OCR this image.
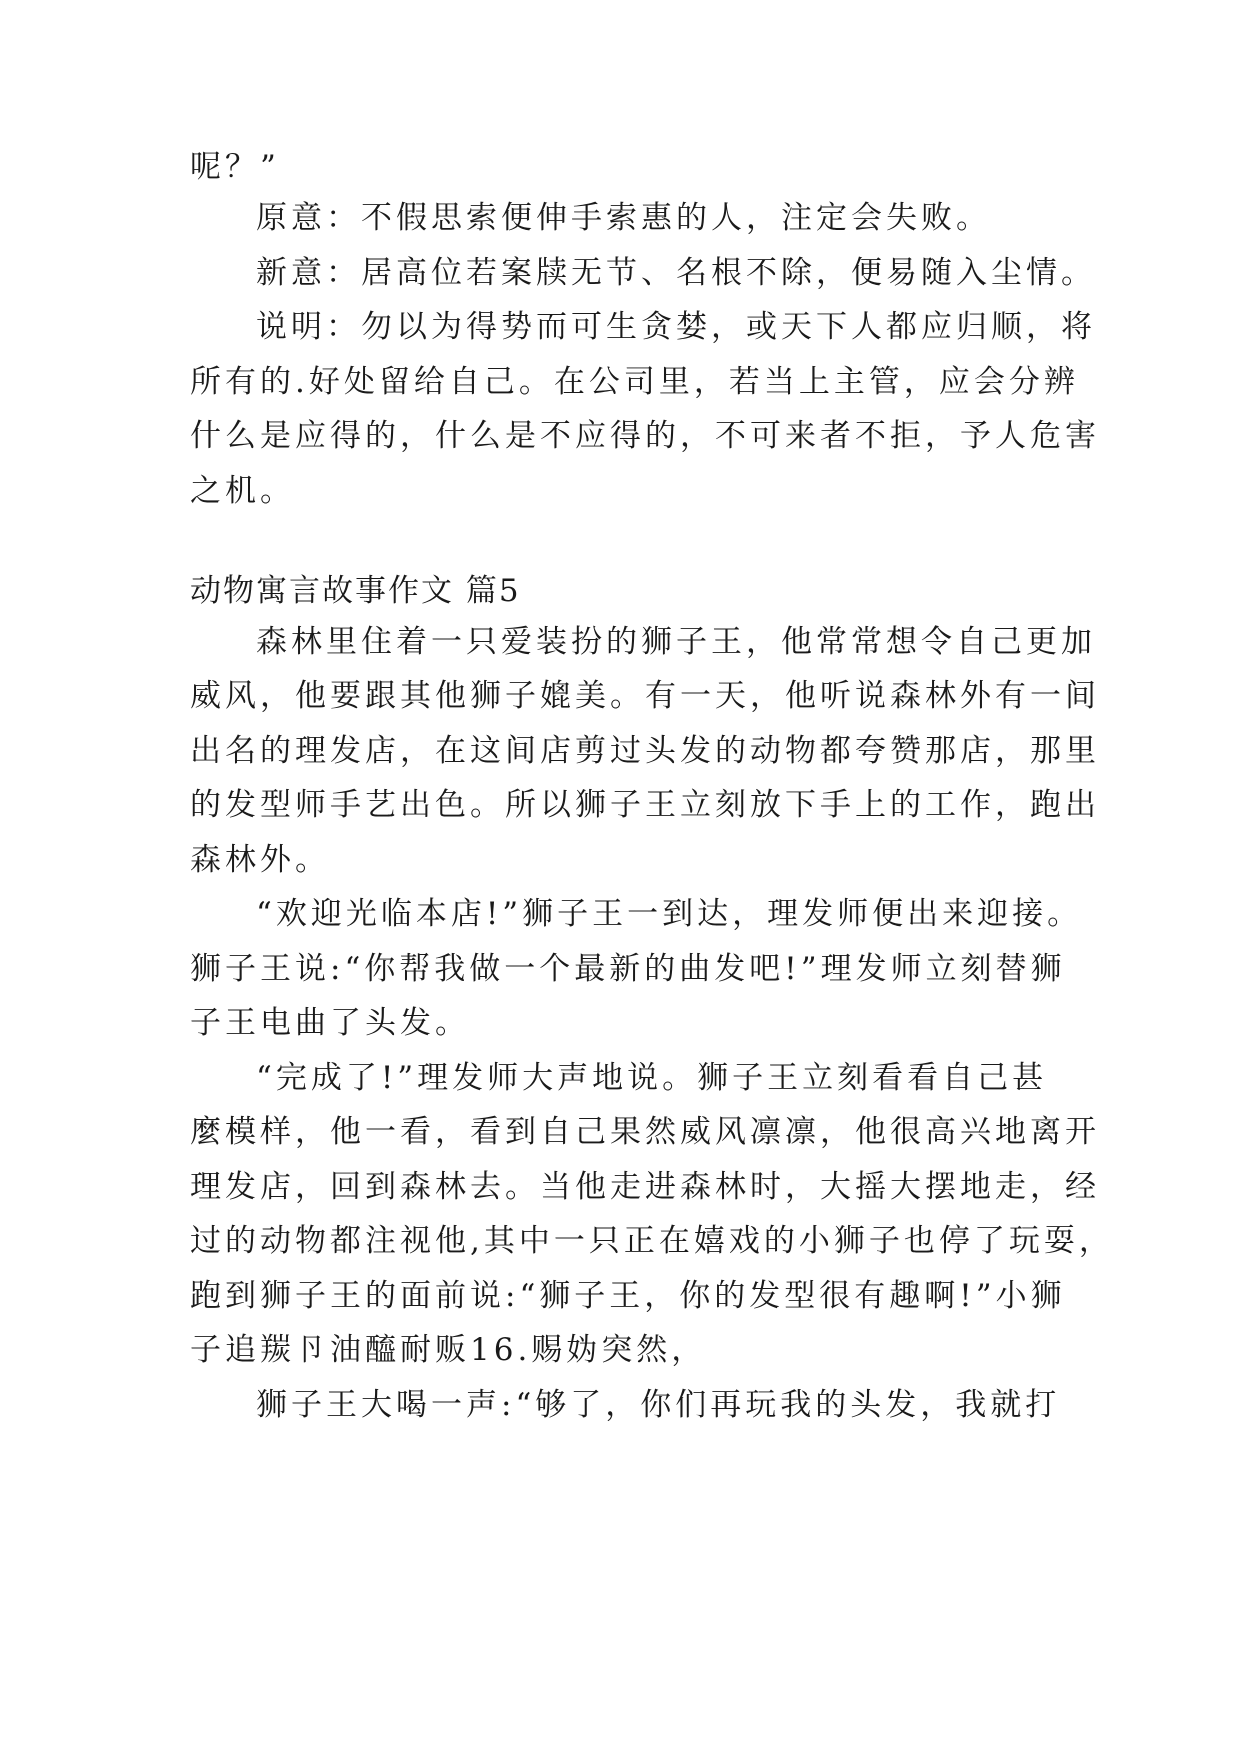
呢？”
原意：不假思索便伸手索惠的人，注定会失败。
新意：居高位若案牍无节、名根不除，便易随入尘情。
说明：勿以为得势而可生贪婪，或天下人都应归顺，将
所有的.好处留给自己。在公司里，若当上主管，应会分辨
什么是应得的，什么是不应得的，不可来者不拒，予人危害
之机。
动物寓言故事作文 篇5
森林里住着一只爱装扮的狮子王，他常常想令自己更加
威风，他要跟其他狮子媲美。有一天，他听说森林外有一间
出名的理发店，在这间店剪过头发的动物都夸赞那店，那里
的发型师手艺出色。所以狮子王立刻放下手上的工作，跑出
森林外。
“欢迎光临本店!”狮子王一到达，理发师便出来迎接。
狮子王说:“你帮我做一个最新的曲发吧!”理发师立刻替狮
子王电曲了头发。
“完成了!”理发师大声地说。狮子王立刻看看自己甚
麼模样，他一看，看到自己果然威风凛凛，他很高兴地离开
理发店，回到森林去。当他走进森林时，大摇大摆地走，经
过的动物都注视他,其中一只正在嬉戏的小狮子也停了玩耍，
跑到狮子王的面前说:“狮子王，你的发型很有趣啊!”小狮
子追羰卪油醯耐贩16.赐妫突然，
狮子王大喝一声:“够了，你们再玩我的头发，我就打
